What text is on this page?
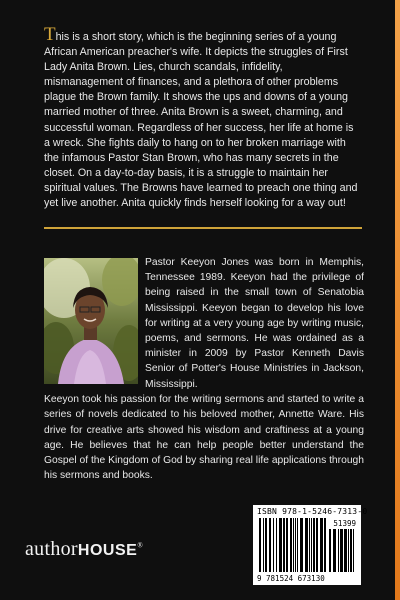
This is a short story, which is the beginning series of a young African American preacher's wife. It depicts the struggles of First Lady Anita Brown. Lies, church scandals, infidelity, mismanagement of finances, and a plethora of other problems plague the Brown family. It shows the ups and downs of a young married mother of three. Anita Brown is a sweet, charming, and successful woman. Regardless of her success, her life at home is a wreck. She fights daily to hang on to her broken marriage with the infamous Pastor Stan Brown, who has many secrets in the closet. On a day-to-day basis, it is a struggle to maintain her spiritual values. The Browns have learned to preach one thing and yet live another. Anita quickly finds herself looking for a way out!

Pastor Keeyon Jones was born in Memphis, Tennessee 1989. Keeyon had the privilege of being raised in the small town of Senatobia Mississippi. Keeyon began to develop his love for writing at a very young age by writing music, poems, and sermons. He was ordained as a minister in 2009 by Pastor Kenneth Davis Senior of Potter's House Ministries in Jackson, Mississippi.

Keeyon took his passion for the writing sermons and started to write a series of novels dedicated to his beloved mother, Annette Ware. His drive for creative arts showed his wisdom and craftiness at a young age. He believes that he can help people better understand the Gospel of the Kingdom of God by sharing real life applications through his sermons and books.

ISBN 978-1-5246-7313-0
51399
9 781524 673130
authorHOUSE®
